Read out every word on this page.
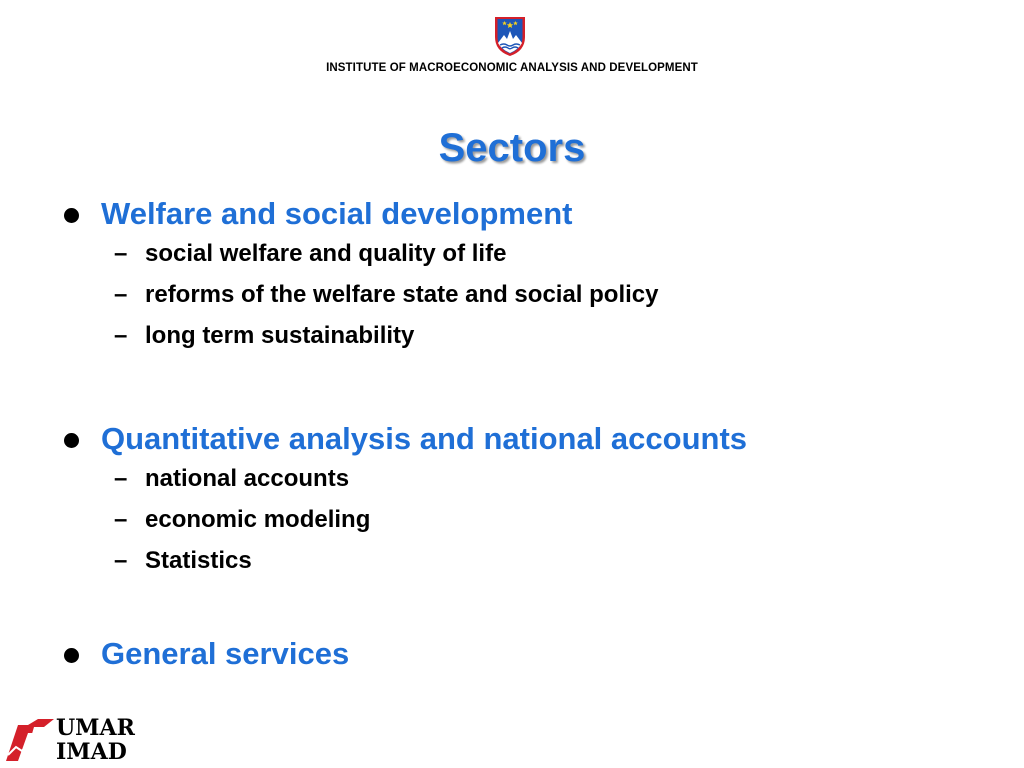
INSTITUTE OF MACROECONOMIC ANALYSIS AND DEVELOPMENT
Sectors
Welfare and social development
– social welfare and quality of life
– reforms of the welfare state and social policy
– long term sustainability
Quantitative analysis and national accounts
– national accounts
– economic modeling
– Statistics
General services
UMAR
IMAD
